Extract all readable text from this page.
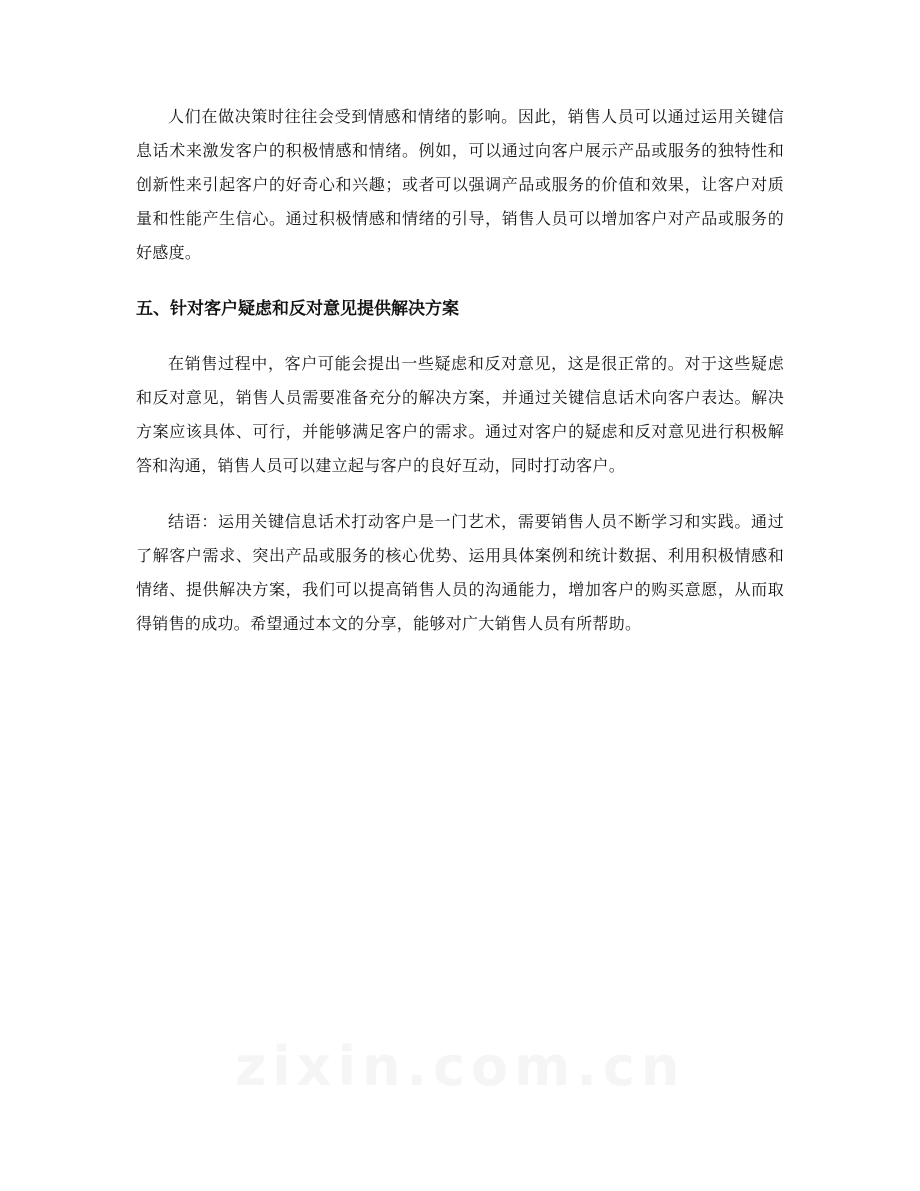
人们在做决策时往往会受到情感和情绪的影响。因此，销售人员可以通过运用关键信息话术来激发客户的积极情感和情绪。例如，可以通过向客户展示产品或服务的独特性和创新性来引起客户的好奇心和兴趣；或者可以强调产品或服务的价值和效果，让客户对质量和性能产生信心。通过积极情感和情绪的引导，销售人员可以增加客户对产品或服务的好感度。

五、针对客户疑虑和反对意见提供解决方案

在销售过程中，客户可能会提出一些疑虑和反对意见，这是很正常的。对于这些疑虑和反对意见，销售人员需要准备充分的解决方案，并通过关键信息话术向客户表达。解决方案应该具体、可行，并能够满足客户的需求。通过对客户的疑虑和反对意见进行积极解答和沟通，销售人员可以建立起与客户的良好互动，同时打动客户。

结语：运用关键信息话术打动客户是一门艺术，需要销售人员不断学习和实践。通过了解客户需求、突出产品或服务的核心优势、运用具体案例和统计数据、利用积极情感和情绪、提供解决方案，我们可以提高销售人员的沟通能力，增加客户的购买意愿，从而取得销售的成功。希望通过本文的分享，能够对广大销售人员有所帮助。

zixin.com.cn
